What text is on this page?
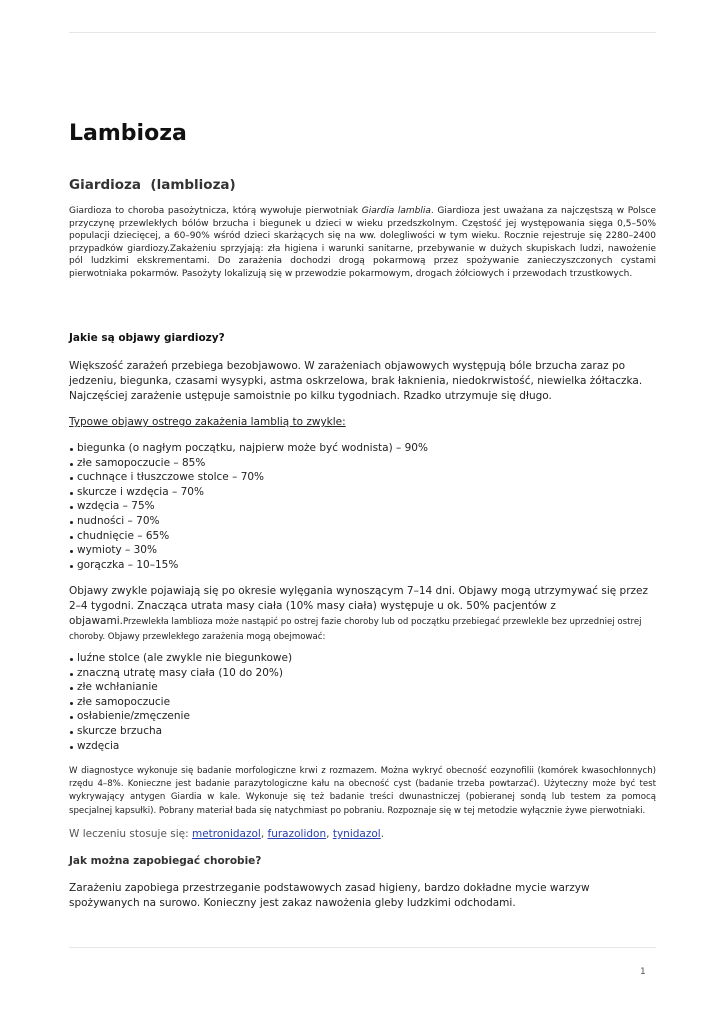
Lambioza
Giardioza  (lamblioza)

Giardioza to choroba pasożytnicza, którą wywołuje pierwotniak Giardia lamblia. Giardioza jest uważana za najczęstszą w Polsce przyczynę przewlekłych bólów brzucha i biegunek u dzieci w wieku przedszkolnym. Częstość jej występowania sięga 0,5–50% populacji dziecięcej, a 60–90% wśród dzieci skarżących się na ww. dolegliwości w tym wieku. Rocznie rejestruje się 2280–2400 przypadków giardiozy.Zakażeniu sprzyjają: zła higiena i warunki sanitarne, przebywanie w dużych skupiskach ludzi, nawożenie pól ludzkimi ekskrementami. Do zarażenia dochodzi drogą pokarmową przez spożywanie zanieczyszczonych cystami pierwotniaka pokarmów. Pasożyty lokalizują się w przewodzie pokarmowym, drogach żółciowych i przewodach trzustkowych.

Jakie są objawy giardiozy?

Większość zarażeń przebiega bezobjawowo. W zarażeniach objawowych występują bóle brzucha zaraz po jedzeniu, biegunka, czasami wysypki, astma oskrzelowa, brak łaknienia, niedokrwistość, niewielka żółtaczka. Najczęściej zarażenie ustępuje samoistnie po kilku tygodniach. Rzadko utrzymuje się długo.

Typowe objawy ostrego zakażenia lamblią to zwykle:

biegunka (o nagłym początku, najpierw może być wodnista) – 90%
złe samopoczucie – 85%
cuchnące i tłuszczowe stolce – 70%
skurcze i wzdęcia – 70%
wzdęcia – 75%
nudności – 70%
chudnięcie – 65%
wymioty – 30%
gorączka – 10–15%

Objawy zwykle pojawiają się po okresie wylęgania wynoszącym 7–14 dni. Objawy mogą utrzymywać się przez 2–4 tygodni. Znacząca utrata masy ciała (10% masy ciała) występuje u ok. 50% pacjentów z objawami.Przewlekła lamblioza może nastąpić po ostrej fazie choroby lub od początku przebiegać przewlekle bez uprzedniej ostrej choroby. Objawy przewlekłego zarażenia mogą obejmować:

luźne stolce (ale zwykle nie biegunkowe)
znaczną utratę masy ciała (10 do 20%)
złe wchłanianie
złe samopoczucie
osłabienie/zmęczenie
skurcze brzucha
wzdęcia

W diagnostyce wykonuje się badanie morfologiczne krwi z rozmazem. Można wykryć obecność eozynofilii (komórek kwasochłonnych) rzędu 4–8%. Konieczne jest badanie parazytologiczne kału na obecność cyst (badanie trzeba powtarzać). Użyteczny może być test wykrywający antygen Giardia w kale. Wykonuje się też badanie treści dwunastniczej (pobieranej sondą lub testem za pomocą specjalnej kapsułki). Pobrany materiał bada się natychmiast po pobraniu. Rozpoznaje się w tej metodzie wyłącznie żywe pierwotniaki.

W leczeniu stosuje się: metronidazol, furazolidon, tynidazol.

Jak można zapobiegać chorobie?

Zarażeniu zapobiega przestrzeganie podstawowych zasad higieny, bardzo dokładne mycie warzyw spożywanych na surowo. Konieczny jest zakaz nawożenia gleby ludzkimi odchodami.

1
